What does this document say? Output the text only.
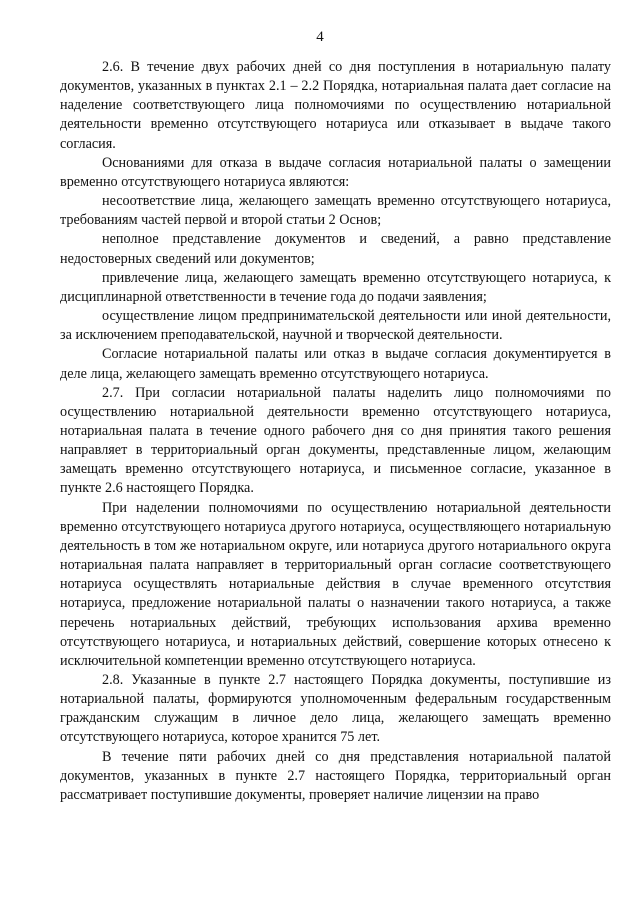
4

2.6. В течение двух рабочих дней со дня поступления в нотариальную палату документов, указанных в пунктах 2.1 – 2.2 Порядка, нотариальная палата дает согласие на наделение соответствующего лица полномочиями по осуществлению нотариальной деятельности временно отсутствующего нотариуса или отказывает в выдаче такого согласия.

Основаниями для отказа в выдаче согласия нотариальной палаты о замещении временно отсутствующего нотариуса являются:

несоответствие лица, желающего замещать временно отсутствующего нотариуса, требованиям частей первой и второй статьи 2 Основ;

неполное представление документов и сведений, а равно представление недостоверных сведений или документов;

привлечение лица, желающего замещать временно отсутствующего нотариуса, к дисциплинарной ответственности в течение года до подачи заявления;

осуществление лицом предпринимательской деятельности или иной деятельности, за исключением преподавательской, научной и творческой деятельности.

Согласие нотариальной палаты или отказ в выдаче согласия документируется в деле лица, желающего замещать временно отсутствующего нотариуса.

2.7. При согласии нотариальной палаты наделить лицо полномочиями по осуществлению нотариальной деятельности временно отсутствующего нотариуса, нотариальная палата в течение одного рабочего дня со дня принятия такого решения направляет в территориальный орган документы, представленные лицом, желающим замещать временно отсутствующего нотариуса, и письменное согласие, указанное в пункте 2.6 настоящего Порядка.

При наделении полномочиями по осуществлению нотариальной деятельности временно отсутствующего нотариуса другого нотариуса, осуществляющего нотариальную деятельность в том же нотариальном округе, или нотариуса другого нотариального округа нотариальная палата направляет в территориальный орган согласие соответствующего нотариуса осуществлять нотариальные действия в случае временного отсутствия нотариуса, предложение нотариальной палаты о назначении такого нотариуса, а также перечень нотариальных действий, требующих использования архива временно отсутствующего нотариуса, и нотариальных действий, совершение которых отнесено к исключительной компетенции временно отсутствующего нотариуса.

2.8. Указанные в пункте 2.7 настоящего Порядка документы, поступившие из нотариальной палаты, формируются уполномоченным федеральным государственным гражданским служащим в личное дело лица, желающего замещать временно отсутствующего нотариуса, которое хранится 75 лет.

В течение пяти рабочих дней со дня представления нотариальной палатой документов, указанных в пункте 2.7 настоящего Порядка, территориальный орган рассматривает поступившие документы, проверяет наличие лицензии на право
